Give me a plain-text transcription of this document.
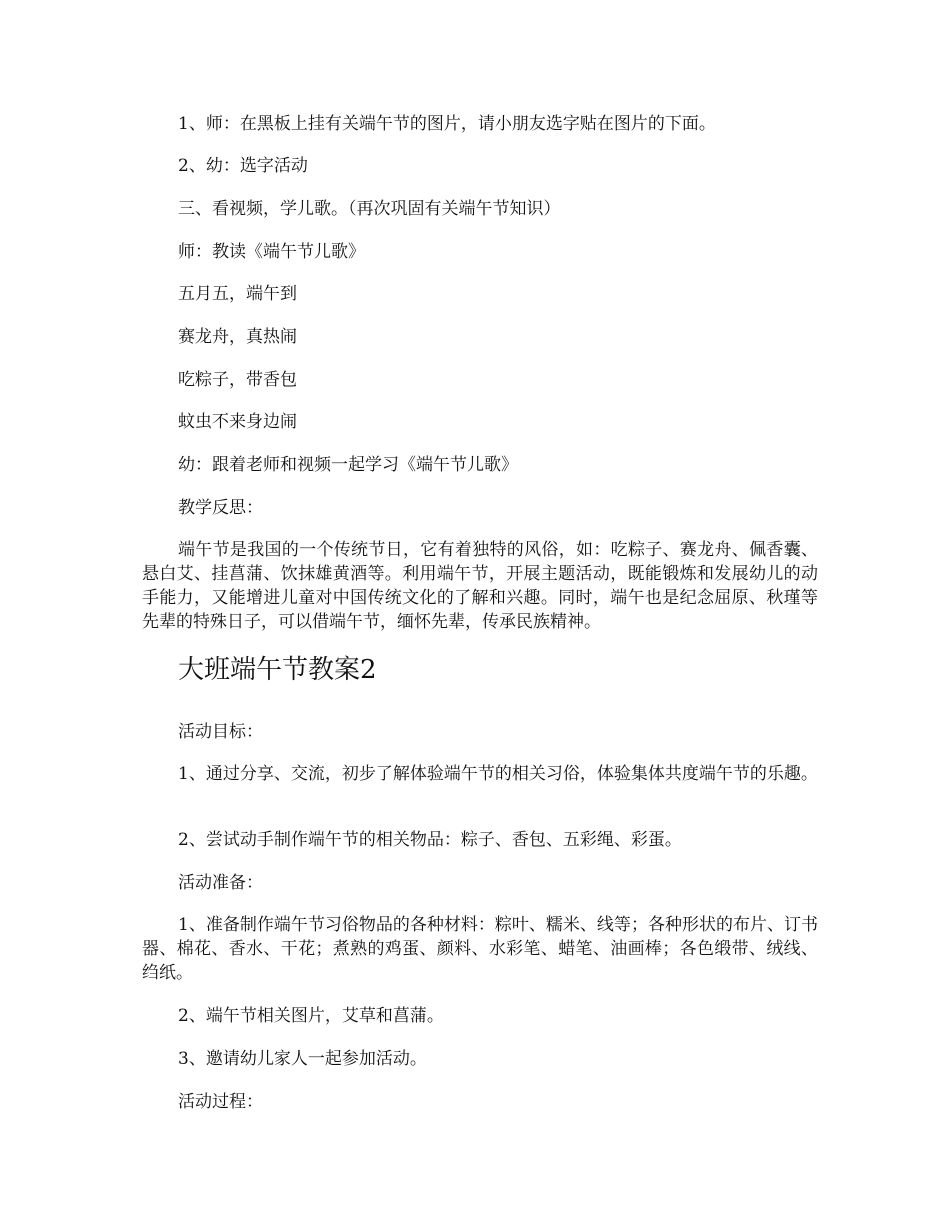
1、师：在黑板上挂有关端午节的图片，请小朋友选字贴在图片的下面。
2、幼：选字活动
三、看视频，学儿歌。（再次巩固有关端午节知识）
师：教读《端午节儿歌》
五月五，端午到
赛龙舟，真热闹
吃粽子，带香包
蚊虫不来身边闹
幼：跟着老师和视频一起学习《端午节儿歌》
教学反思：
端午节是我国的一个传统节日，它有着独特的风俗，如：吃粽子、赛龙舟、佩香囊、悬白艾、挂菖蒲、饮抹雄黄酒等。利用端午节，开展主题活动，既能锻炼和发展幼儿的动手能力，又能增进儿童对中国传统文化的了解和兴趣。同时，端午也是纪念屈原、秋瑾等先辈的特殊日子，可以借端午节，缅怀先辈，传承民族精神。
大班端午节教案2
活动目标：
1、通过分享、交流，初步了解体验端午节的相关习俗，体验集体共度端午节的乐趣。
2、尝试动手制作端午节的相关物品：粽子、香包、五彩绳、彩蛋。
活动准备：
1、准备制作端午节习俗物品的各种材料：粽叶、糯米、线等；各种形状的布片、订书器、棉花、香水、干花；煮熟的鸡蛋、颜料、水彩笔、蜡笔、油画棒；各色缎带、绒线、绉纸。
2、端午节相关图片，艾草和菖蒲。
3、邀请幼儿家人一起参加活动。
活动过程：
